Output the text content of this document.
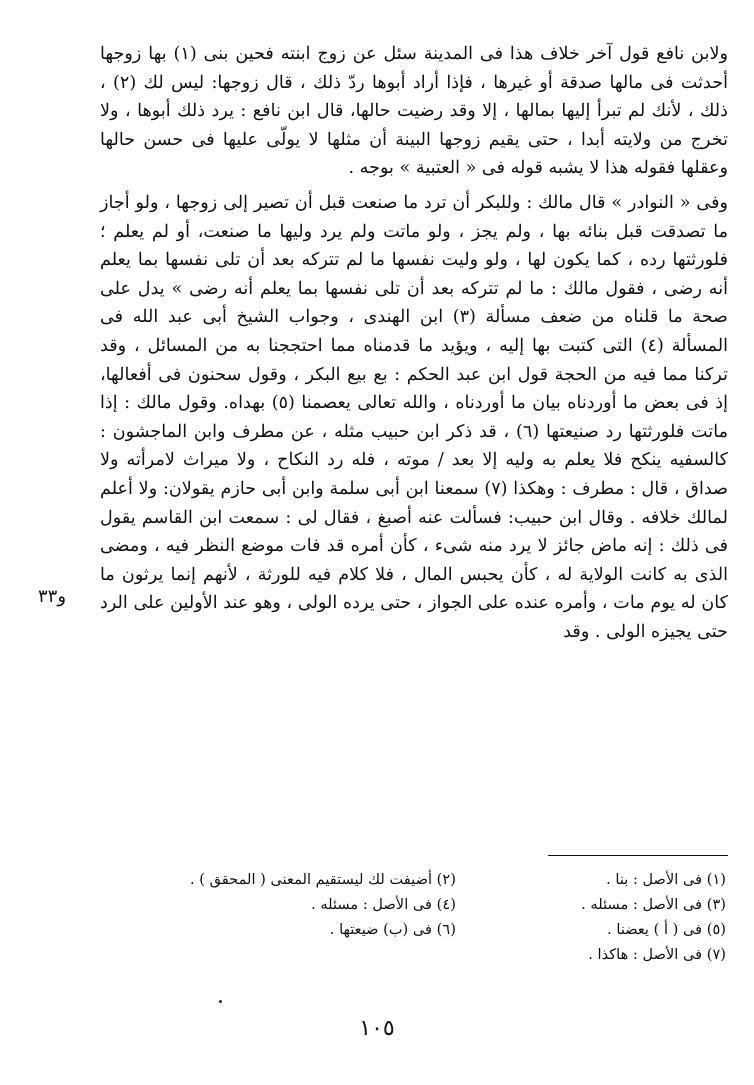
ولابن نافع قول آخر خلاف هذا فى المدينة سئل عن زوج ابنته فحين بنى (١) بها زوجها أحدثت فى مالها صدقة أو غيرها ، فإذا أراد أبوها ردّ ذلك ، قال زوجها: ليس لك (٢) ، ذلك ، لأنك لم تبرأ إليها بمالها ، إلا وقد رضيت حالها، قال ابن نافع : يرد ذلك أبوها ، ولا تخرج من ولايته أبدا ، حتى يقيم زوجها البينة أن مثلها لا يولّى عليها فى حسن حالها وعقلها فقوله هذا لا يشبه قوله فى « العتبية » بوجه .

وفى « النوادر » قال مالك : وللبكر أن ترد ما صنعت قبل أن تصير إلى زوجها ، ولو أجاز ما تصدقت قبل بنائه بها ، ولم يجز ، ولو ماتت ولم يرد وليها ما صنعت، أو لم يعلم ؛ فلورثتها رده ، كما يكون لها ، ولو وليت نفسها ما لم تتركه بعد أن تلى نفسها بما يعلم أنه رضى ، فقول مالك : ما لم تتركه بعد أن تلى نفسها بما يعلم أنه رضى » يدل على صحة ما قلناه من ضعف مسألة (٣) ابن الهندى ، وجواب الشيخ أبى عبد الله فى المسألة (٤) التى كتبت بها إليه ، ويؤيد ما قدمناه مما احتججنا به من المسائل ، وقد تركنا مما فيه من الحجة قول ابن عبد الحكم : بع بيع البكر ، وقول سحنون فى أفعالها، إذ فى بعض ما أوردناه بيان ما أوردناه ، والله تعالى يعصمنا (٥) بهداه. وقول مالك : إذا ماتت فلورثتها رد صنيعتها (٦) ، قد ذكر ابن حبيب مثله ، عن مطرف وابن الماجشون : كالسفيه ينكح فلا يعلم به وليه إلا بعد / موته ، فله رد النكاح ، ولا ميراث لامرأته ولا صداق ، قال : مطرف : وهكذا (٧) سمعنا ابن أبى سلمة وابن أبى حازم يقولان: ولا أعلم لمالك خلافه . وقال ابن حبيب: فسألت عنه أصبغ ، فقال لى : سمعت ابن القاسم يقول فى ذلك : إنه ماض جائز لا يرد منه شىء ، كأن أمره قد فات موضع النظر فيه ، ومضى الذى به كانت الولاية له ، كأن يحبس المال ، فلا كلام فيه للورثة ، لأنهم إنما يرثون ما كان له يوم مات ، وأمره عنده على الجواز ، حتى يرده الولى ، وهو عند الأولين على الرد حتى يجيزه الولى . وقد

و٣٣
(١) فى الأصل : بنا .
(٢) أضيفت لك ليستقيم المعنى ( المحقق ) .
(٣) فى الأصل : مسئله .
(٤) فى الأصل : مسئله .
(٥) فى ( أ ) يعضنا .
(٦) فى (ب) ضيعتها .
(٧) فى الأصل : هاكذا .
١٠٥
